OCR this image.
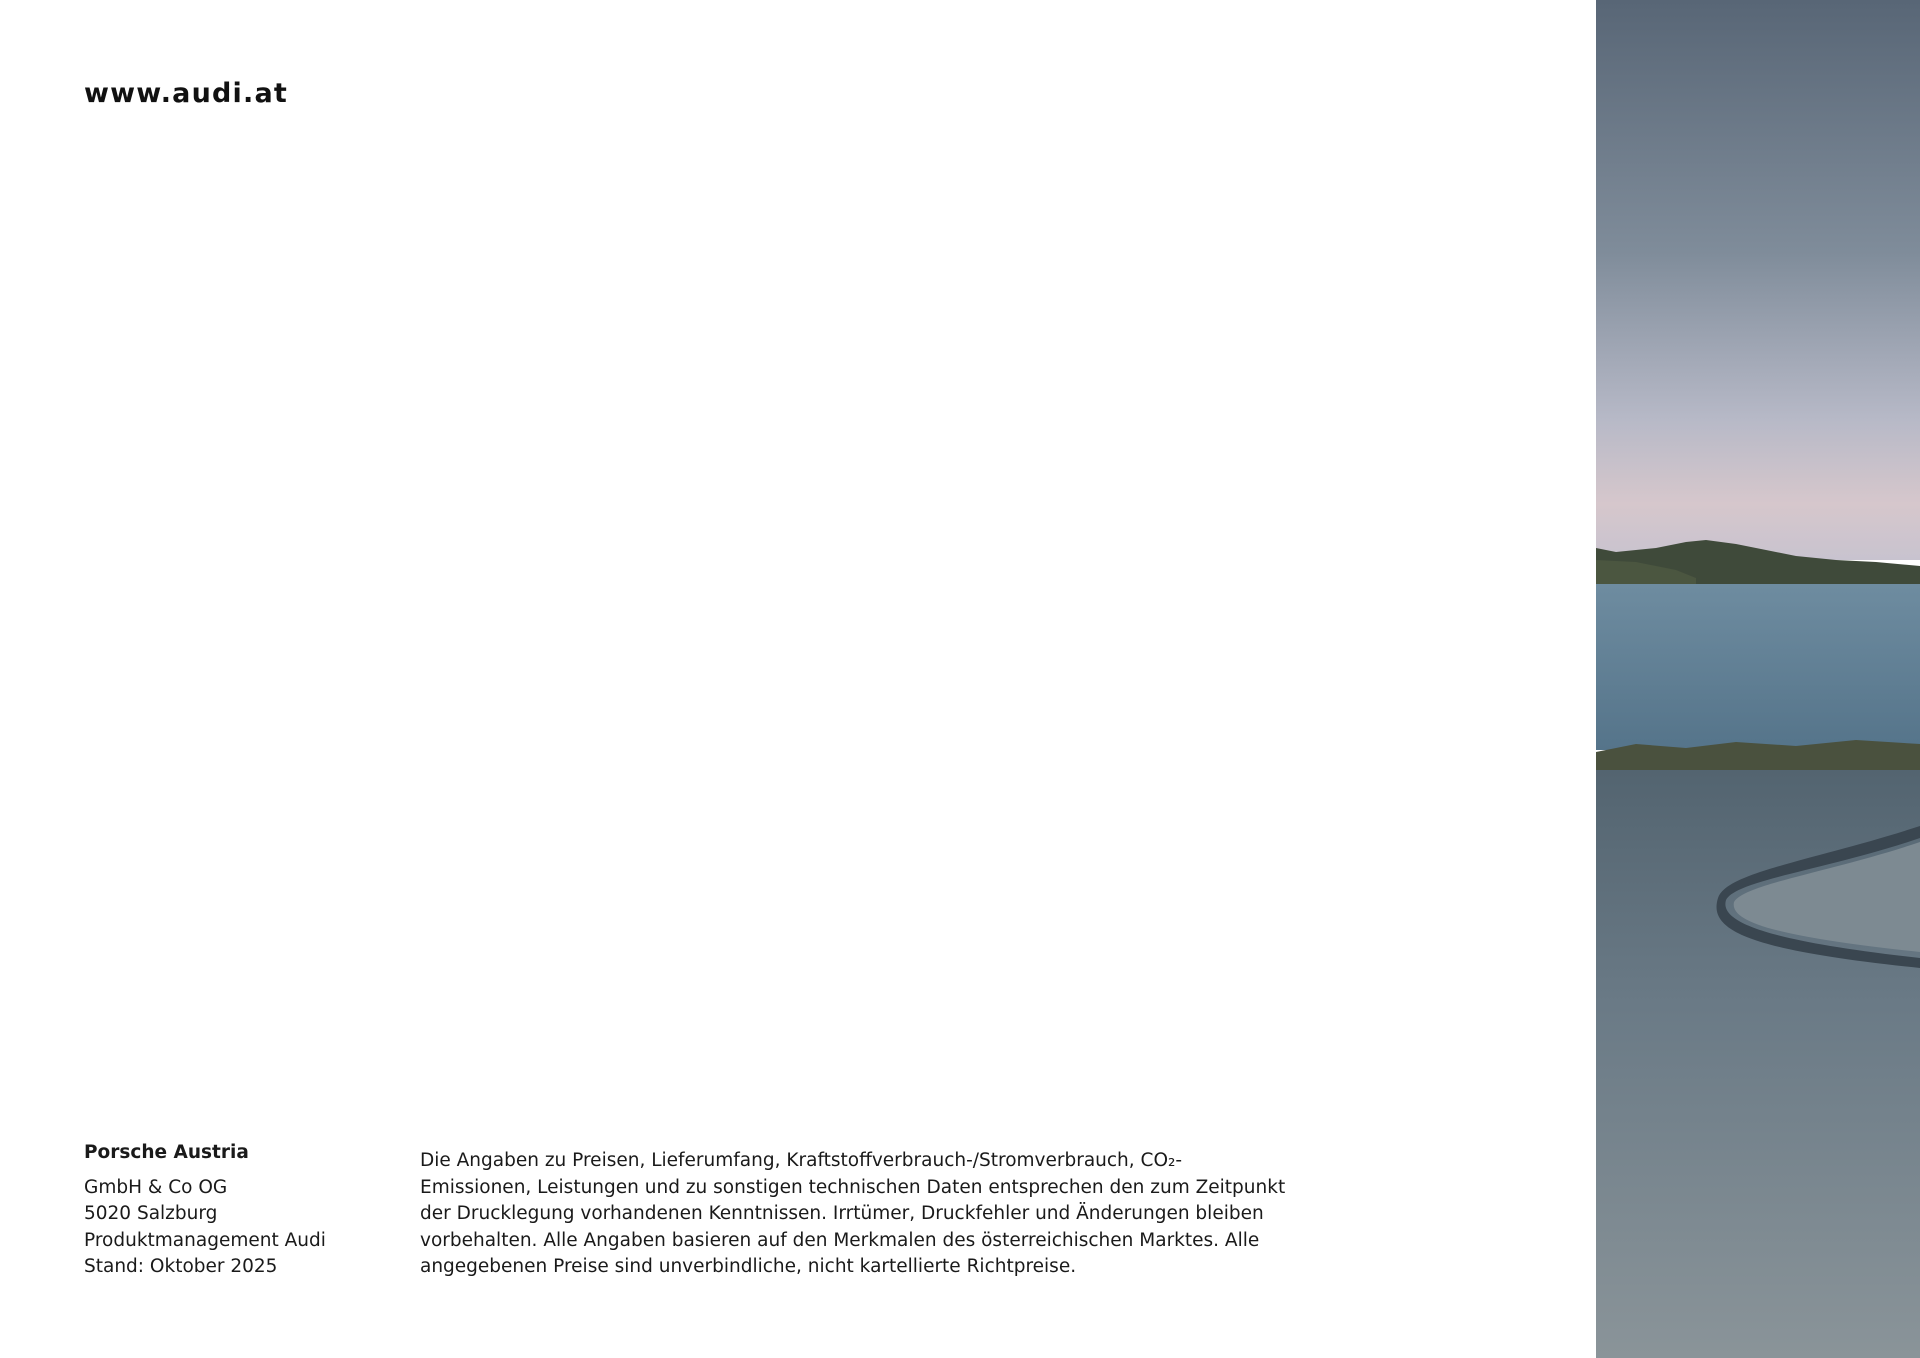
www.audi.at
Porsche Austria
GmbH & Co OG
5020 Salzburg
Produktmanagement Audi
Stand: Oktober 2025
Die Angaben zu Preisen, Lieferumfang, Kraftstoffverbrauch-/Stromverbrauch, CO₂-Emissionen, Leistungen und zu sonstigen technischen Daten entsprechen den zum Zeitpunkt der Drucklegung vorhandenen Kenntnissen. Irrtümer, Druckfehler und Änderungen bleiben vorbehalten. Alle Angaben basieren auf den Merkmalen des österreichischen Marktes. Alle angegebenen Preise sind unverbindliche, nicht kartellierte Richtpreise.
